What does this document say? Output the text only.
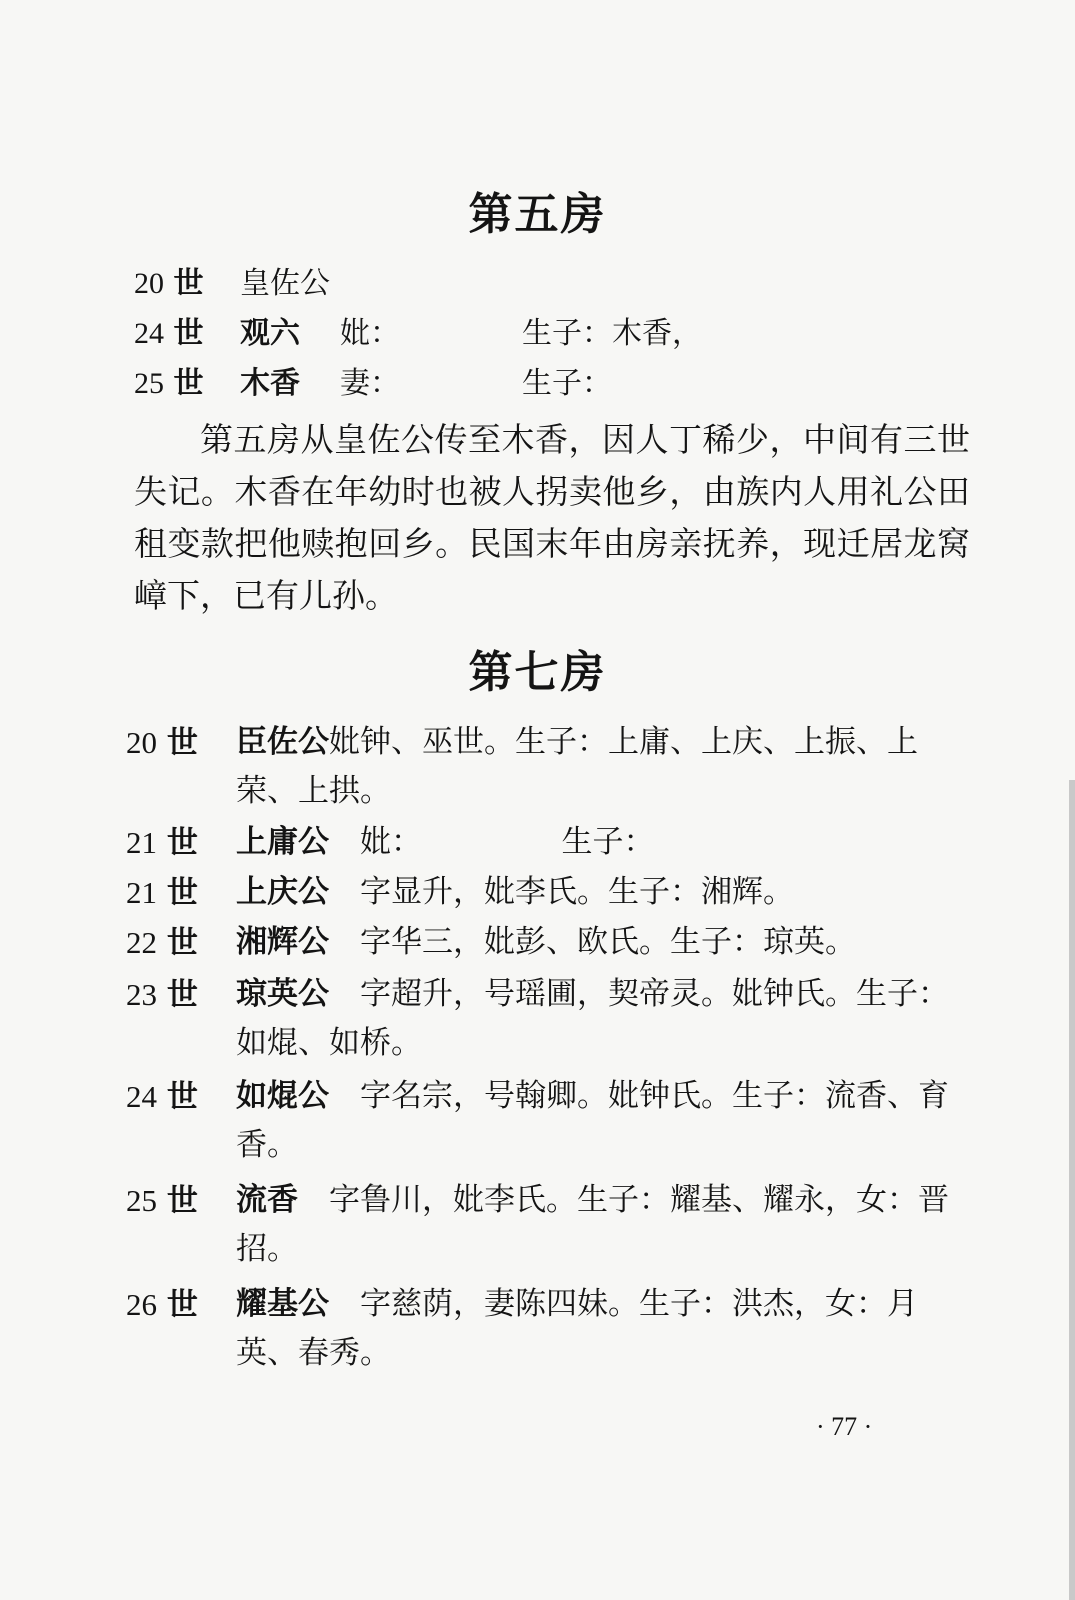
第五房
20 世 皇佐公
24 世 观六 妣：	生子：木香，
25 世 木香 妻：	生子：
第五房从皇佐公传至木香，因人丁稀少，中间有三世失记。木香在年幼时也被人拐卖他乡，由族内人用礼公田租变款把他赎抱回乡。民国末年由房亲抚养，现迁居龙窝嶂下，已有儿孙。
第七房
20 世 臣佐公妣钟、巫世。生子：上庸、上庆、上振、上荣、上拱。
21 世 上庸公　妣：　　　　　生子：
21 世 上庆公　字显升，妣李氏。生子：湘辉。
22 世 湘辉公　字华三，妣彭、欧氏。生子：琼英。
23 世 琼英公　字超升，号瑶圃，契帝灵。妣钟氏。生子：如焜、如桥。
24 世 如焜公　字名宗，号翰卿。妣钟氏。生子：流香、育香。
25 世 流香　字鲁川，妣李氏。生子：耀基、耀永，女：晋招。
26 世 耀基公　字慈荫，妻陈四妹。生子：洪杰，女：月英、春秀。
· 77 ·
